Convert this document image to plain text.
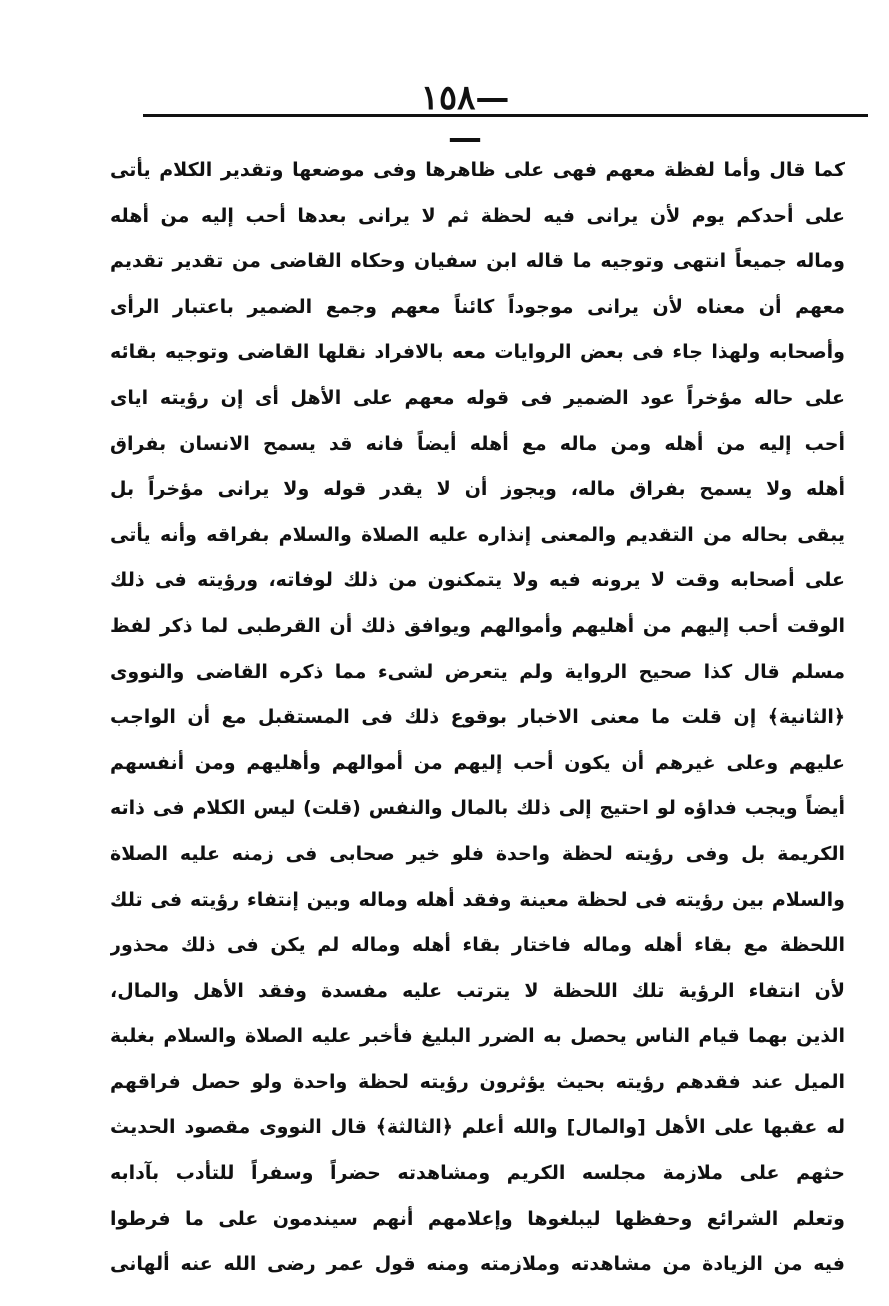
—١٥٨—
كما قال وأما لفظة معهم فهى على ظاهرها وفى موضعها وتقدير الكلام يأتى
على أحدكم يوم لأن يرانى فيه لحظة ثم لا يرانى بعدها أحب إليه من أهله
وماله جميعاً انتهى وتوجيه ما قاله ابن سفيان وحكاه القاضى من تقدير تقديم
معهم أن معناه لأن يرانى موجوداً كائناً معهم وجمع الضمير باعتبار الرأى
وأصحابه ولهذا جاء فى بعض الروايات معه بالافراد نقلها القاضى وتوجيه بقائه
على حاله مؤخراً عود الضمير فى قوله معهم على الأهل أى إن رؤيته اياى
أحب إليه من أهله ومن ماله مع أهله أيضاً فانه قد يسمح الانسان بفراق
أهله ولا يسمح بفراق ماله، ويجوز أن لا يقدر قوله ولا يرانى مؤخراً بل
يبقى بحاله من التقديم والمعنى إنذاره عليه الصلاة والسلام بفراقه وأنه يأتى
على أصحابه وقت لا يرونه فيه ولا يتمكنون من ذلك لوفاته، ورؤيته فى ذلك
الوقت أحب إليهم من أهليهم وأموالهم ويوافق ذلك أن القرطبى لما ذكر لفظ
مسلم قال كذا صحيح الرواية ولم يتعرض لشىء مما ذكره القاضى والنووى
﴿الثانية﴾ إن قلت ما معنى الاخبار بوقوع ذلك فى المستقبل مع أن الواجب
عليهم وعلى غيرهم أن يكون أحب إليهم من أموالهم وأهليهم ومن أنفسهم
أيضاً ويجب فداؤه لو احتيج إلى ذلك بالمال والنفس (قلت) ليس الكلام فى ذاته
الكريمة بل وفى رؤيته لحظة واحدة فلو خير صحابى فى زمنه عليه الصلاة
والسلام بين رؤيته فى لحظة معينة وفقد أهله وماله وبين إنتفاء رؤيته فى تلك
اللحظة مع بقاء أهله وماله فاختار بقاء أهله وماله لم يكن فى ذلك محذور
لأن انتفاء الرؤية تلك اللحظة لا يترتب عليه مفسدة وفقد الأهل والمال،
الذين بهما قيام الناس يحصل به الضرر البليغ فأخبر عليه الصلاة والسلام بغلبة
الميل عند فقدهم رؤيته بحيث يؤثرون رؤيته لحظة واحدة ولو حصل فراقهم
له عقبها على الأهل [والمال] والله أعلم ﴿الثالثة﴾ قال النووى مقصود الحديث
حثهم على ملازمة مجلسه الكريم ومشاهدته حضراً وسفراً للتأدب بآدابه
وتعلم الشرائع وحفظها ليبلغوها وإعلامهم أنهم سيندمون على ما فرطوا
فيه من الزيادة من مشاهدته وملازمته ومنه قول عمر رضى الله عنه ألهانى
